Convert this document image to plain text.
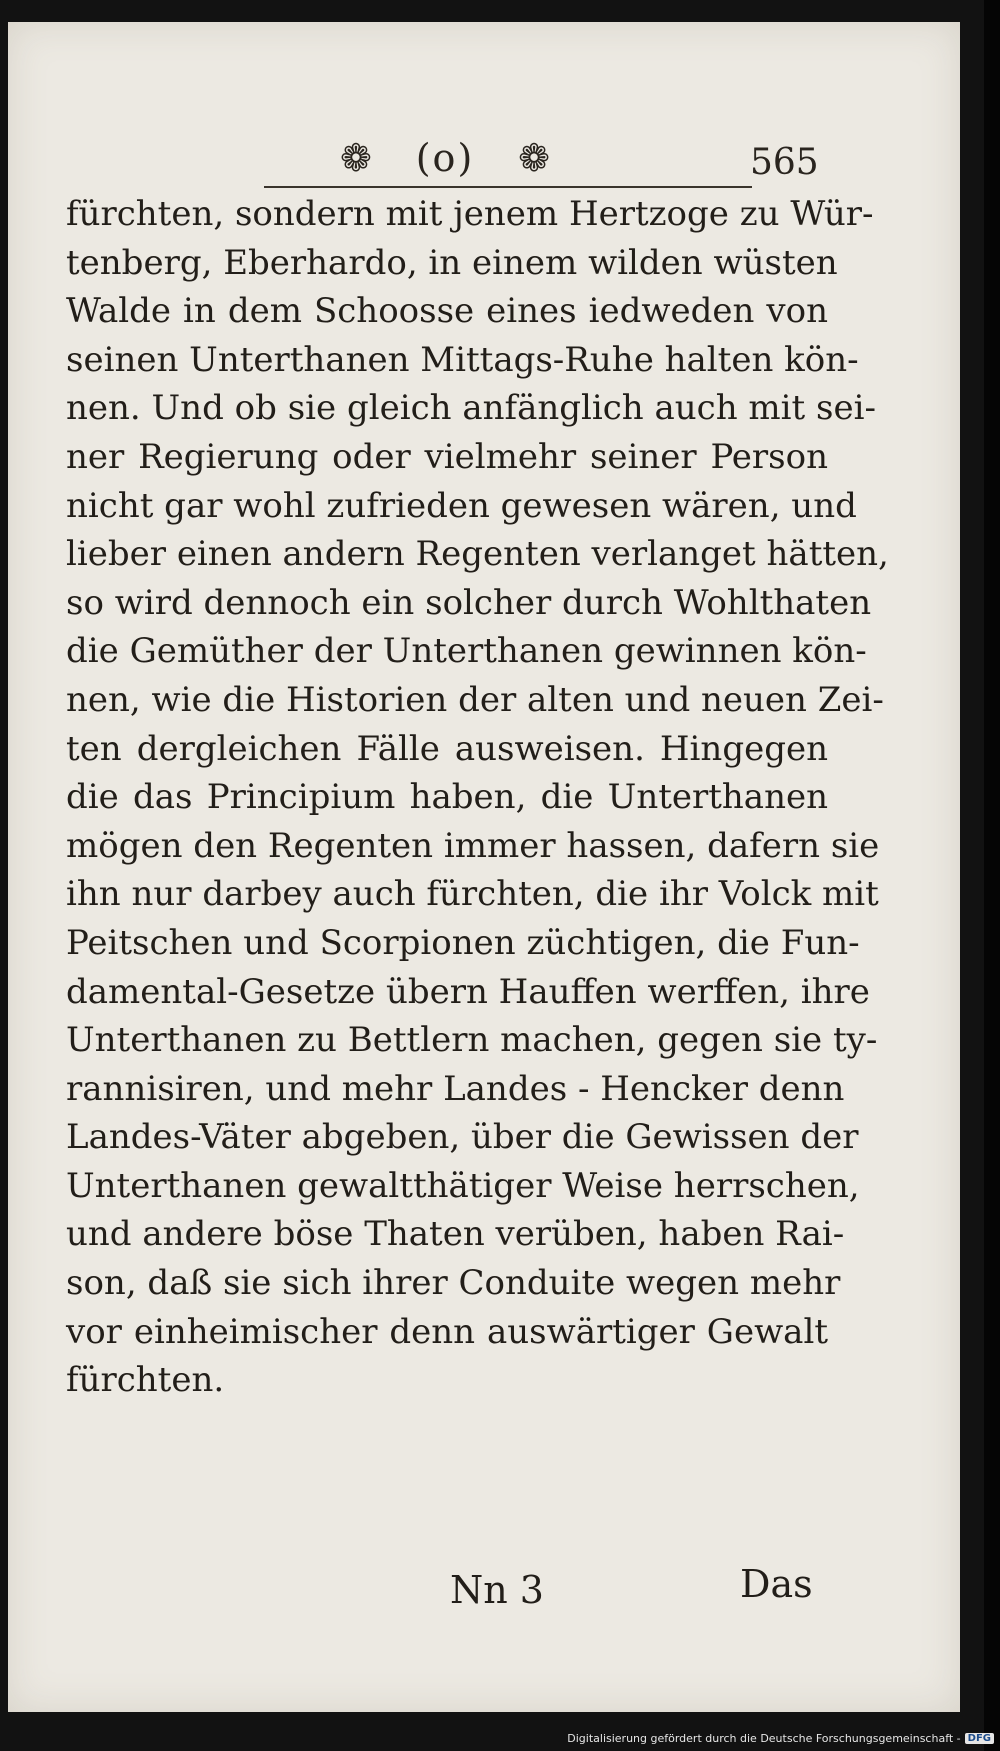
❁ (o) ❁	565
fürchten, sondern mit jenem Hertzoge zu Wür-
tenberg, Eberhardo, in einem wilden wüsten
Walde in dem Schoosse eines iedweden von
seinen Unterthanen Mittags-Ruhe halten kön-
nen. Und ob sie gleich anfänglich auch mit sei-
ner Regierung oder vielmehr seiner Person
nicht gar wohl zufrieden gewesen wären, und
lieber einen andern Regenten verlanget hätten,
so wird dennoch ein solcher durch Wohlthaten
die Gemüther der Unterthanen gewinnen kön-
nen, wie die Historien der alten und neuen Zei-
ten dergleichen Fälle ausweisen. Hingegen
die das Principium haben, die Unterthanen
mögen den Regenten immer hassen, dafern sie
ihn nur darbey auch fürchten, die ihr Volck mit
Peitschen und Scorpionen züchtigen, die Fun-
damental-Gesetze übern Hauffen werffen, ihre
Unterthanen zu Bettlern machen, gegen sie ty-
rannisiren, und mehr Landes - Hencker denn
Landes-Väter abgeben, über die Gewissen der
Unterthanen gewaltthätiger Weise herrschen,
und andere böse Thaten verüben, haben Rai-
son, daß sie sich ihrer Conduite wegen mehr
vor einheimischer denn auswärtiger Gewalt
fürchten.
Nn 3	Das
Digitalisierung gefördert durch die Deutsche Forschungsgemeinschaft - DFG
